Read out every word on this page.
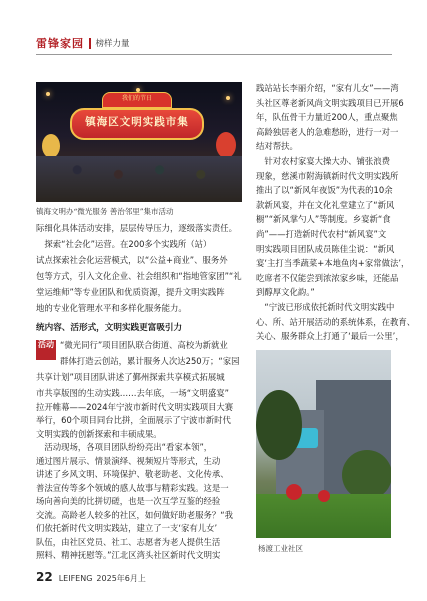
雷锋家园 榜样力量
我们的节日
镇海区文明实践市集
镇海文明办“微光服务 善治邻里”集市活动
际细化具体活动安排，层层传导压力，逐级落实责任。
　探索“社会化”运营。在200多个实践所（站）
试点探索社会化运营模式，以“公益+商业”、服务外
包等方式，引入文化企业、社会组织和“指地管家团”“礼
堂运维师”等专业团队和优质资源，提升文明实践阵
地的专业化管理水平和多样化服务能力。
统内容、活形式，文明实践更富吸引力
活动 “微光同行”项目团队联合街道、高校为新就业
群体打造云创站，累计服务人次达250万；“家园
共享计划”项目团队讲述了鄞州探索共享模式拓展城
市共享版图的生动实践……去年底，一场“文明盛宴”
拉开帷幕——2024年宁波市新时代文明实践项目大赛
举行，60个项目同台比拼，全面展示了宁波市新时代
文明实践的创新探索和丰硕成果。
　活动现场，各项目团队纷纷亮出“看家本领”，
通过图片展示、情景演绎、视频短片等形式，生动
讲述了乡风文明、环境保护、敬老助老、文化传承、
普法宣传等多个领域的感人故事与精彩实践。这是一
场向善向美的比拼切磋，也是一次互学互鉴的经验
交流。高龄老人较多的社区，如何做好助老服务？“我
们依托新时代文明实践站，建立了一支‘家有儿女’
队伍，由社区党员、社工、志愿者为老人提供生活
照料、精神抚慰等。”江北区湾头社区新时代文明实
践站站长李丽介绍，“家有儿女”——湾
头社区尊老新风尚文明实践项目已开展6
年，队伍骨干力量近200人，重点聚焦
高龄独居老人的急难愁盼，进行一对一
结对帮扶。
　针对农村家宴大操大办、铺张浪费
现象，慈溪市附海镇新时代文明实践所
推出了以“新风年夜饭”为代表的10余
款新风宴，并在文化礼堂建立了“新风
橱”“新风掌勺人”等制度。乡宴新“食
尚”——打造新时代农村“新风宴”文
明实践项目团队成员陈佳尘说：“新风
宴‘主打当季蔬菜+本地鱼肉+家常做法’，
吃席者不仅能尝到浓浓家乡味，还能品
到醇厚文化韵。”
　“宁波已形成依托新时代文明实践中
心、所、站开展活动的系统体系，在教育、
关心、服务群众上打通了‘最后一公里’，
杨渡工业社区
22 LEIFENG 2025年6月上
